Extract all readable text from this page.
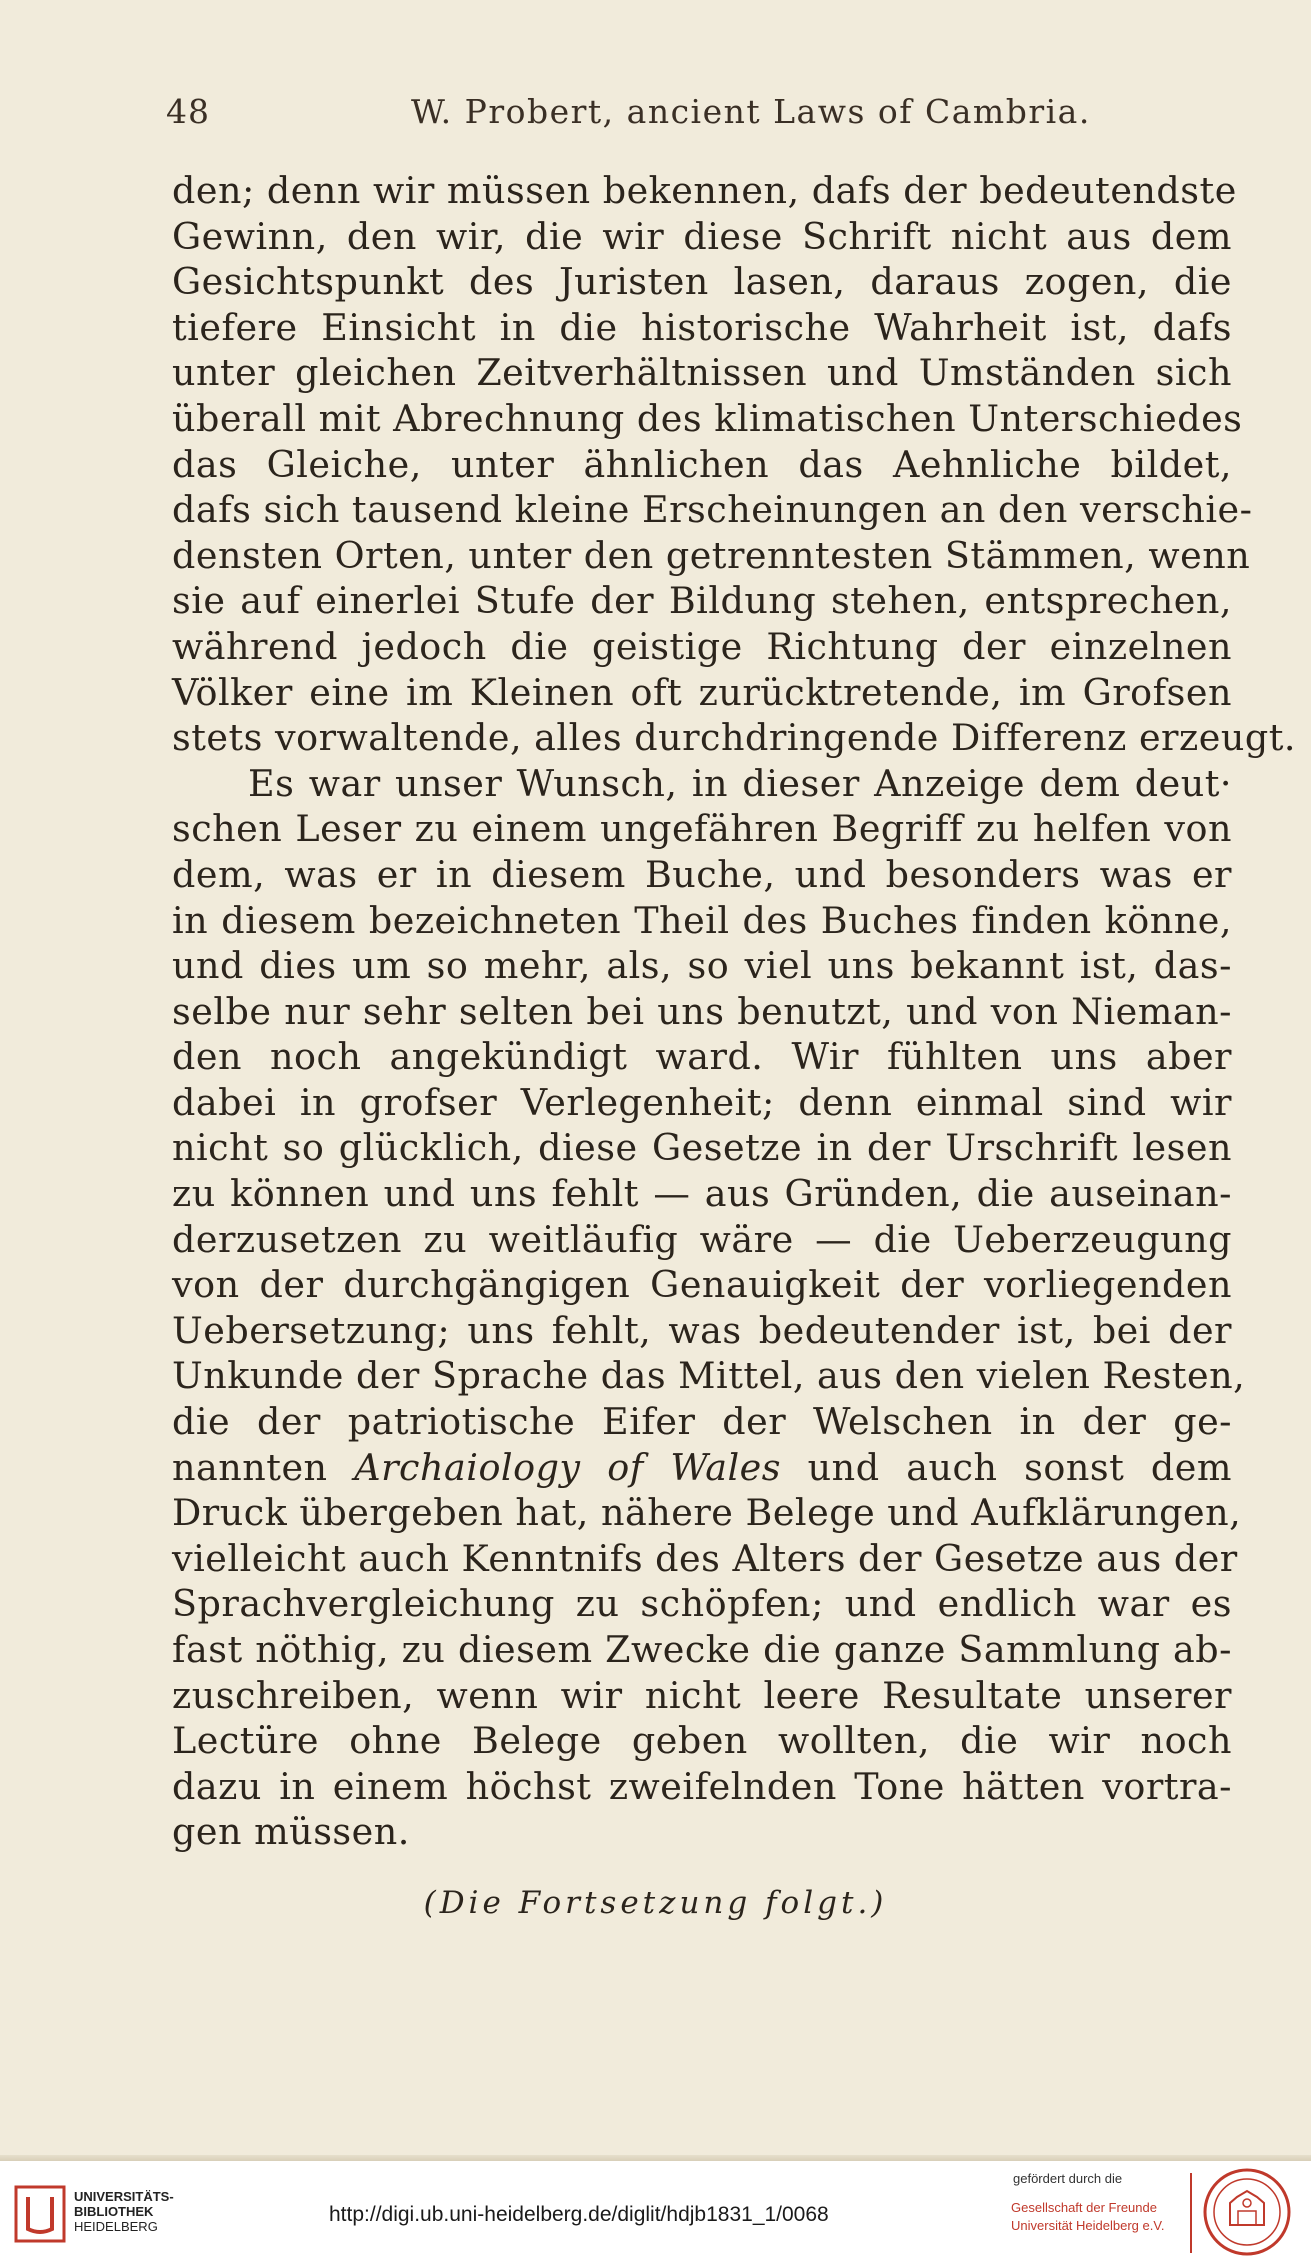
48	W. Probert, ancient Laws of Cambria.
den; denn wir müssen bekennen, dafs der bedeutendste
Gewinn, den wir, die wir diese Schrift nicht aus dem
Gesichtspunkt des Juristen lasen, daraus zogen, die
tiefere Einsicht in die historische Wahrheit ist, dafs
unter gleichen Zeitverhältnissen und Umständen sich
überall mit Abrechnung des klimatischen Unterschiedes
das Gleiche, unter ähnlichen das Aehnliche bildet,
dafs sich tausend kleine Erscheinungen an den verschie-
densten Orten, unter den getrenntesten Stämmen, wenn
sie auf einerlei Stufe der Bildung stehen, entsprechen,
während jedoch die geistige Richtung der einzelnen
Völker eine im Kleinen oft zurücktretende, im Grofsen
stets vorwaltende, alles durchdringende Differenz erzeugt.
Es war unser Wunsch, in dieser Anzeige dem deut·
schen Leser zu einem ungefähren Begriff zu helfen von
dem, was er in diesem Buche, und besonders was er
in diesem bezeichneten Theil des Buches finden könne,
und dies um so mehr, als, so viel uns bekannt ist, das-
selbe nur sehr selten bei uns benutzt, und von Nieman-
den noch angekündigt ward. Wir fühlten uns aber
dabei in grofser Verlegenheit; denn einmal sind wir
nicht so glücklich, diese Gesetze in der Urschrift lesen
zu können und uns fehlt — aus Gründen, die auseinan-
derzusetzen zu weitläufig wäre — die Ueberzeugung
von der durchgängigen Genauigkeit der vorliegenden
Uebersetzung; uns fehlt, was bedeutender ist, bei der
Unkunde der Sprache das Mittel, aus den vielen Resten,
die der patriotische Eifer der Welschen in der ge-
nannten Archaiology of Wales und auch sonst dem
Druck übergeben hat, nähere Belege und Aufklärungen,
vielleicht auch Kenntnifs des Alters der Gesetze aus der
Sprachvergleichung zu schöpfen; und endlich war es
fast nöthig, zu diesem Zwecke die ganze Sammlung ab-
zuschreiben, wenn wir nicht leere Resultate unserer
Lectüre ohne Belege geben wollten, die wir noch
dazu in einem höchst zweifelnden Tone hätten vortra-
gen müssen.
(Die Fortsetzung folgt.)
UNIVERSITÄTS-
BIBLIOTHEK
HEIDELBERG
http://digi.ub.uni-heidelberg.de/diglit/hdjb1831_1/0068
gefördert durch die
Gesellschaft der Freunde
Universität Heidelberg e.V.
